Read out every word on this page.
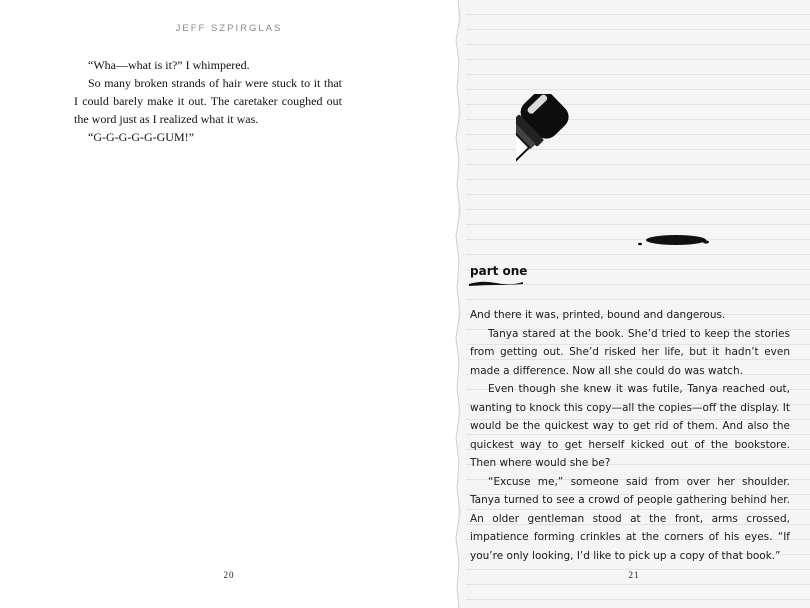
JEFF SZPIRGLAS

“Wha—what is it?” I whimpered.

So many broken strands of hair were stuck to it that I could barely make it out. The caretaker coughed out the word just as I realized what it was.

“G-G-G-G-G-GUM!”

20
part one

And there it was, printed, bound and dangerous.

Tanya stared at the book. She’d tried to keep the stories from getting out. She’d risked her life, but it hadn’t even made a difference. Now all she could do was watch.

Even though she knew it was futile, Tanya reached out, wanting to knock this copy—all the copies—off the display. It would be the quickest way to get rid of them. And also the quickest way to get herself kicked out of the bookstore. Then where would she be?

“Excuse me,” someone said from over her shoulder. Tanya turned to see a crowd of people gathering behind her. An older gentleman stood at the front, arms crossed, impatience forming crinkles at the corners of his eyes. “If you’re only looking, I’d like to pick up a copy of that book.”

21
